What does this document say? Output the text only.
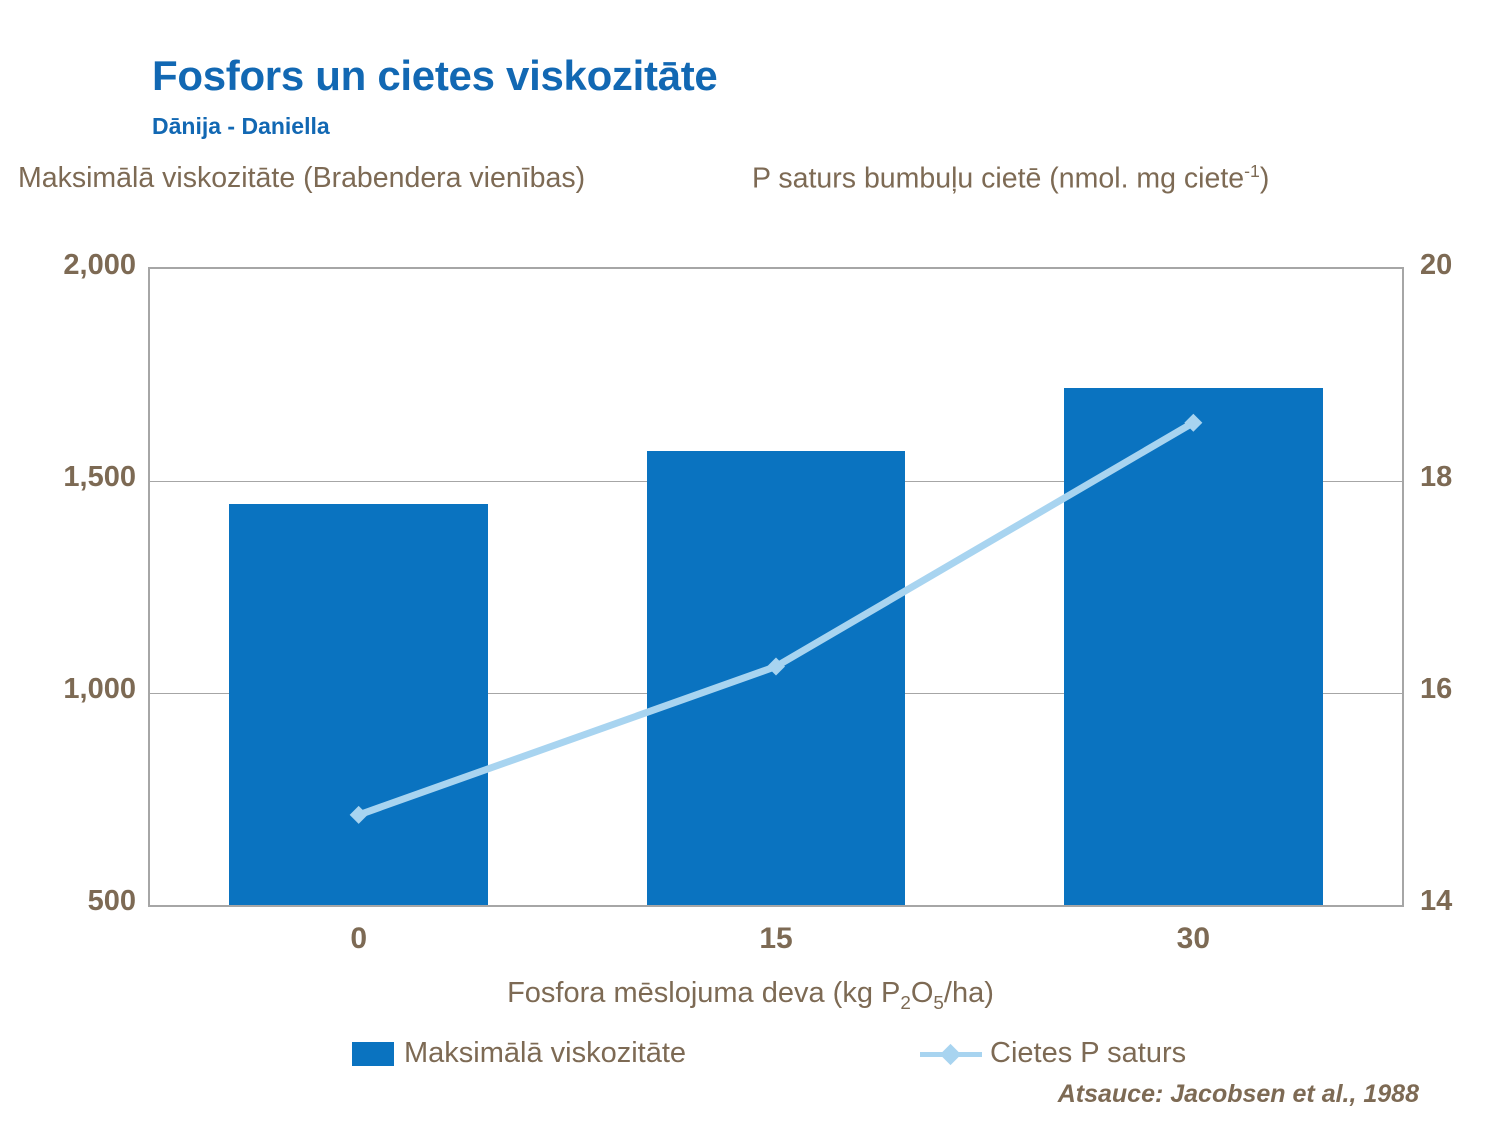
Fosfors un cietes viskozitāte
Dānija - Daniella
Maksimālā viskozitāte (Brabendera vienības)	P saturs bumbuļu cietē (nmol. mg ciete$^{-1}$)
2,000
1,500
1,000
500
20
18
16
14
0	15	30
Fosfora mēslojuma deva (kg $P_2O_5/ha$)
Maksimālā viskozitāte	Cietes P saturs
Atsauce: Jacobsen et al., 1988
